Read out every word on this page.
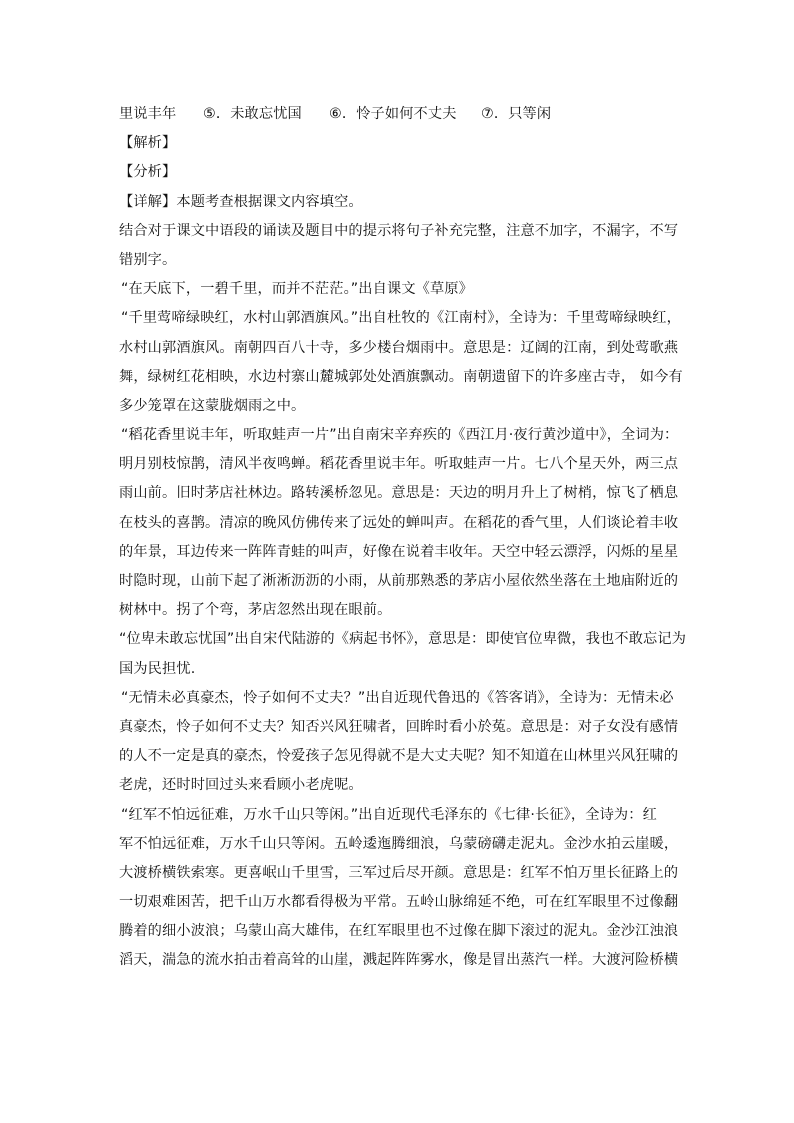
里说丰年 ⑤．未敢忘忧国 ⑥．怜子如何不丈夫 ⑦．只等闲
【解析】
【分析】
【详解】本题考查根据课文内容填空。
结合对于课文中语段的诵读及题目中的提示将句子补充完整，注意不加字，不漏字，不写
错别字。
“在天底下，一碧千里，而并不茫茫。”出自课文《草原》
“千里莺啼绿映红，水村山郭酒旗风。”出自杜牧的《江南村》，全诗为：千里莺啼绿映红，
水村山郭酒旗风。南朝四百八十寺，多少楼台烟雨中。意思是：辽阔的江南，到处莺歌燕
舞，绿树红花相映，水边村寨山麓城郭处处酒旗飘动。南朝遗留下的许多座古寺， 如今有
多少笼罩在这蒙胧烟雨之中。
“稻花香里说丰年，听取蛙声一片”出自南宋辛弃疾的《西江月·夜行黄沙道中》，全词为：
明月别枝惊鹊，清风半夜鸣蝉。稻花香里说丰年。听取蛙声一片。七八个星天外，两三点
雨山前。旧时茅店社林边。路转溪桥忽见。意思是：天边的明月升上了树梢，惊飞了栖息
在枝头的喜鹊。清凉的晚风仿佛传来了远处的蝉叫声。在稻花的香气里，人们谈论着丰收
的年景，耳边传来一阵阵青蛙的叫声，好像在说着丰收年。天空中轻云漂浮，闪烁的星星
时隐时现，山前下起了淅淅沥沥的小雨，从前那熟悉的茅店小屋依然坐落在土地庙附近的
树林中。拐了个弯，茅店忽然出现在眼前。
“位卑未敢忘忧国”出自宋代陆游的《病起书怀》，意思是：即使官位卑微，我也不敢忘记为
国为民担忧.
“无情未必真豪杰，怜子如何不丈夫？”出自近现代鲁迅的《答客诮》，全诗为：无情未必
真豪杰，怜子如何不丈夫？知否兴风狂啸者，回眸时看小於菟。意思是：对子女没有感情
的人不一定是真的豪杰，怜爱孩子怎见得就不是大丈夫呢？知不知道在山林里兴风狂啸的
老虎，还时时回过头来看顾小老虎呢。
“红军不怕远征难，万水千山只等闲。”出自近现代毛泽东的《七律·长征》，全诗为：红
军不怕远征难，万水千山只等闲。五岭逶迤腾细浪，乌蒙磅礴走泥丸。金沙水拍云崖暖，
大渡桥横铁索寒。更喜岷山千里雪，三军过后尽开颜。意思是：红军不怕万里长征路上的
一切艰难困苦，把千山万水都看得极为平常。五岭山脉绵延不绝，可在红军眼里不过像翻
腾着的细小波浪；乌蒙山高大雄伟，在红军眼里也不过像在脚下滚过的泥丸。金沙江浊浪
滔天，湍急的流水拍击着高耸的山崖，溅起阵阵雾水，像是冒出蒸汽一样。大渡河险桥横
